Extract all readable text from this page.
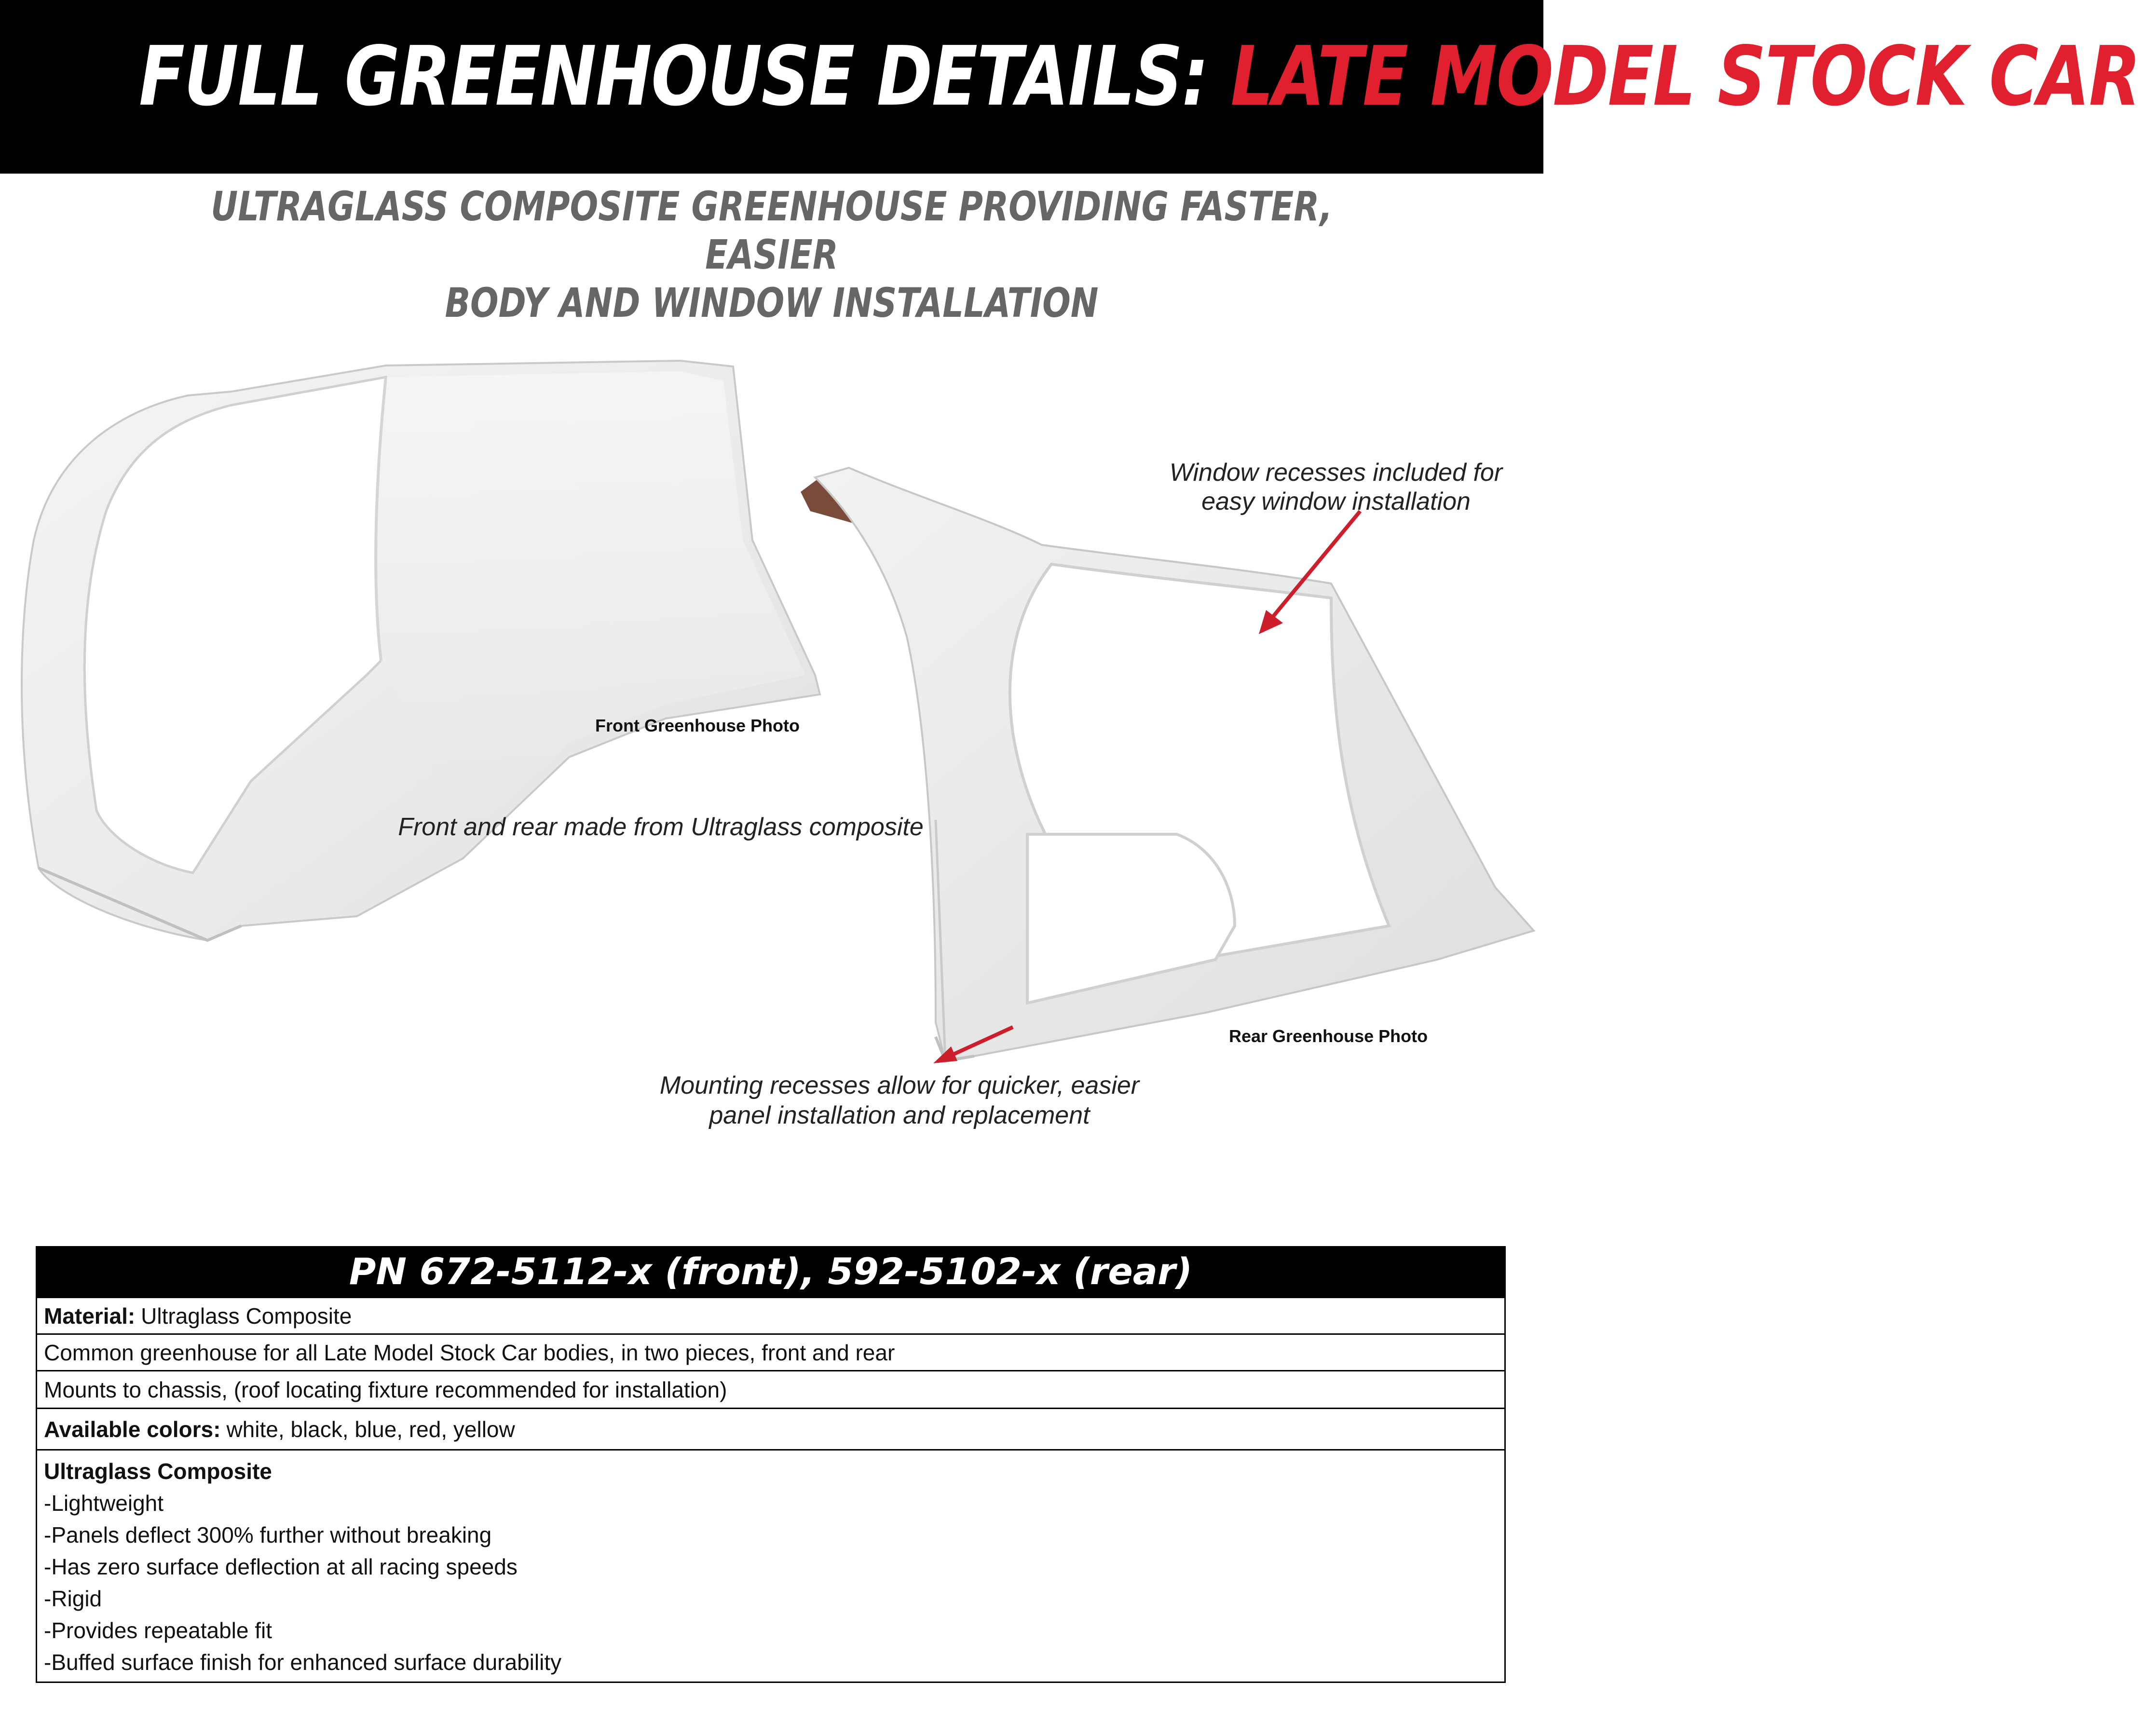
FULL GREENHOUSE DETAILS: LATE MODEL STOCK CAR
ULTRAGLASS COMPOSITE GREENHOUSE PROVIDING FASTER, EASIER
BODY AND WINDOW INSTALLATION
Window recesses included for
easy window installation
Front Greenhouse Photo
Front and rear made from Ultraglass composite
Rear Greenhouse Photo
Mounting recesses allow for quicker, easier
panel installation and replacement
PN 672-5112-x (front), 592-5102-x (rear)
Material: Ultraglass Composite
Common greenhouse for all Late Model Stock Car bodies, in two pieces, front and rear
Mounts to chassis, (roof locating fixture recommended for installation)
Available colors: white, black, blue, red, yellow
Ultraglass Composite
-Lightweight
-Panels deflect 300% further without breaking
-Has zero surface deflection at all racing speeds
-Rigid
-Provides repeatable fit
-Buffed surface finish for enhanced surface durability
